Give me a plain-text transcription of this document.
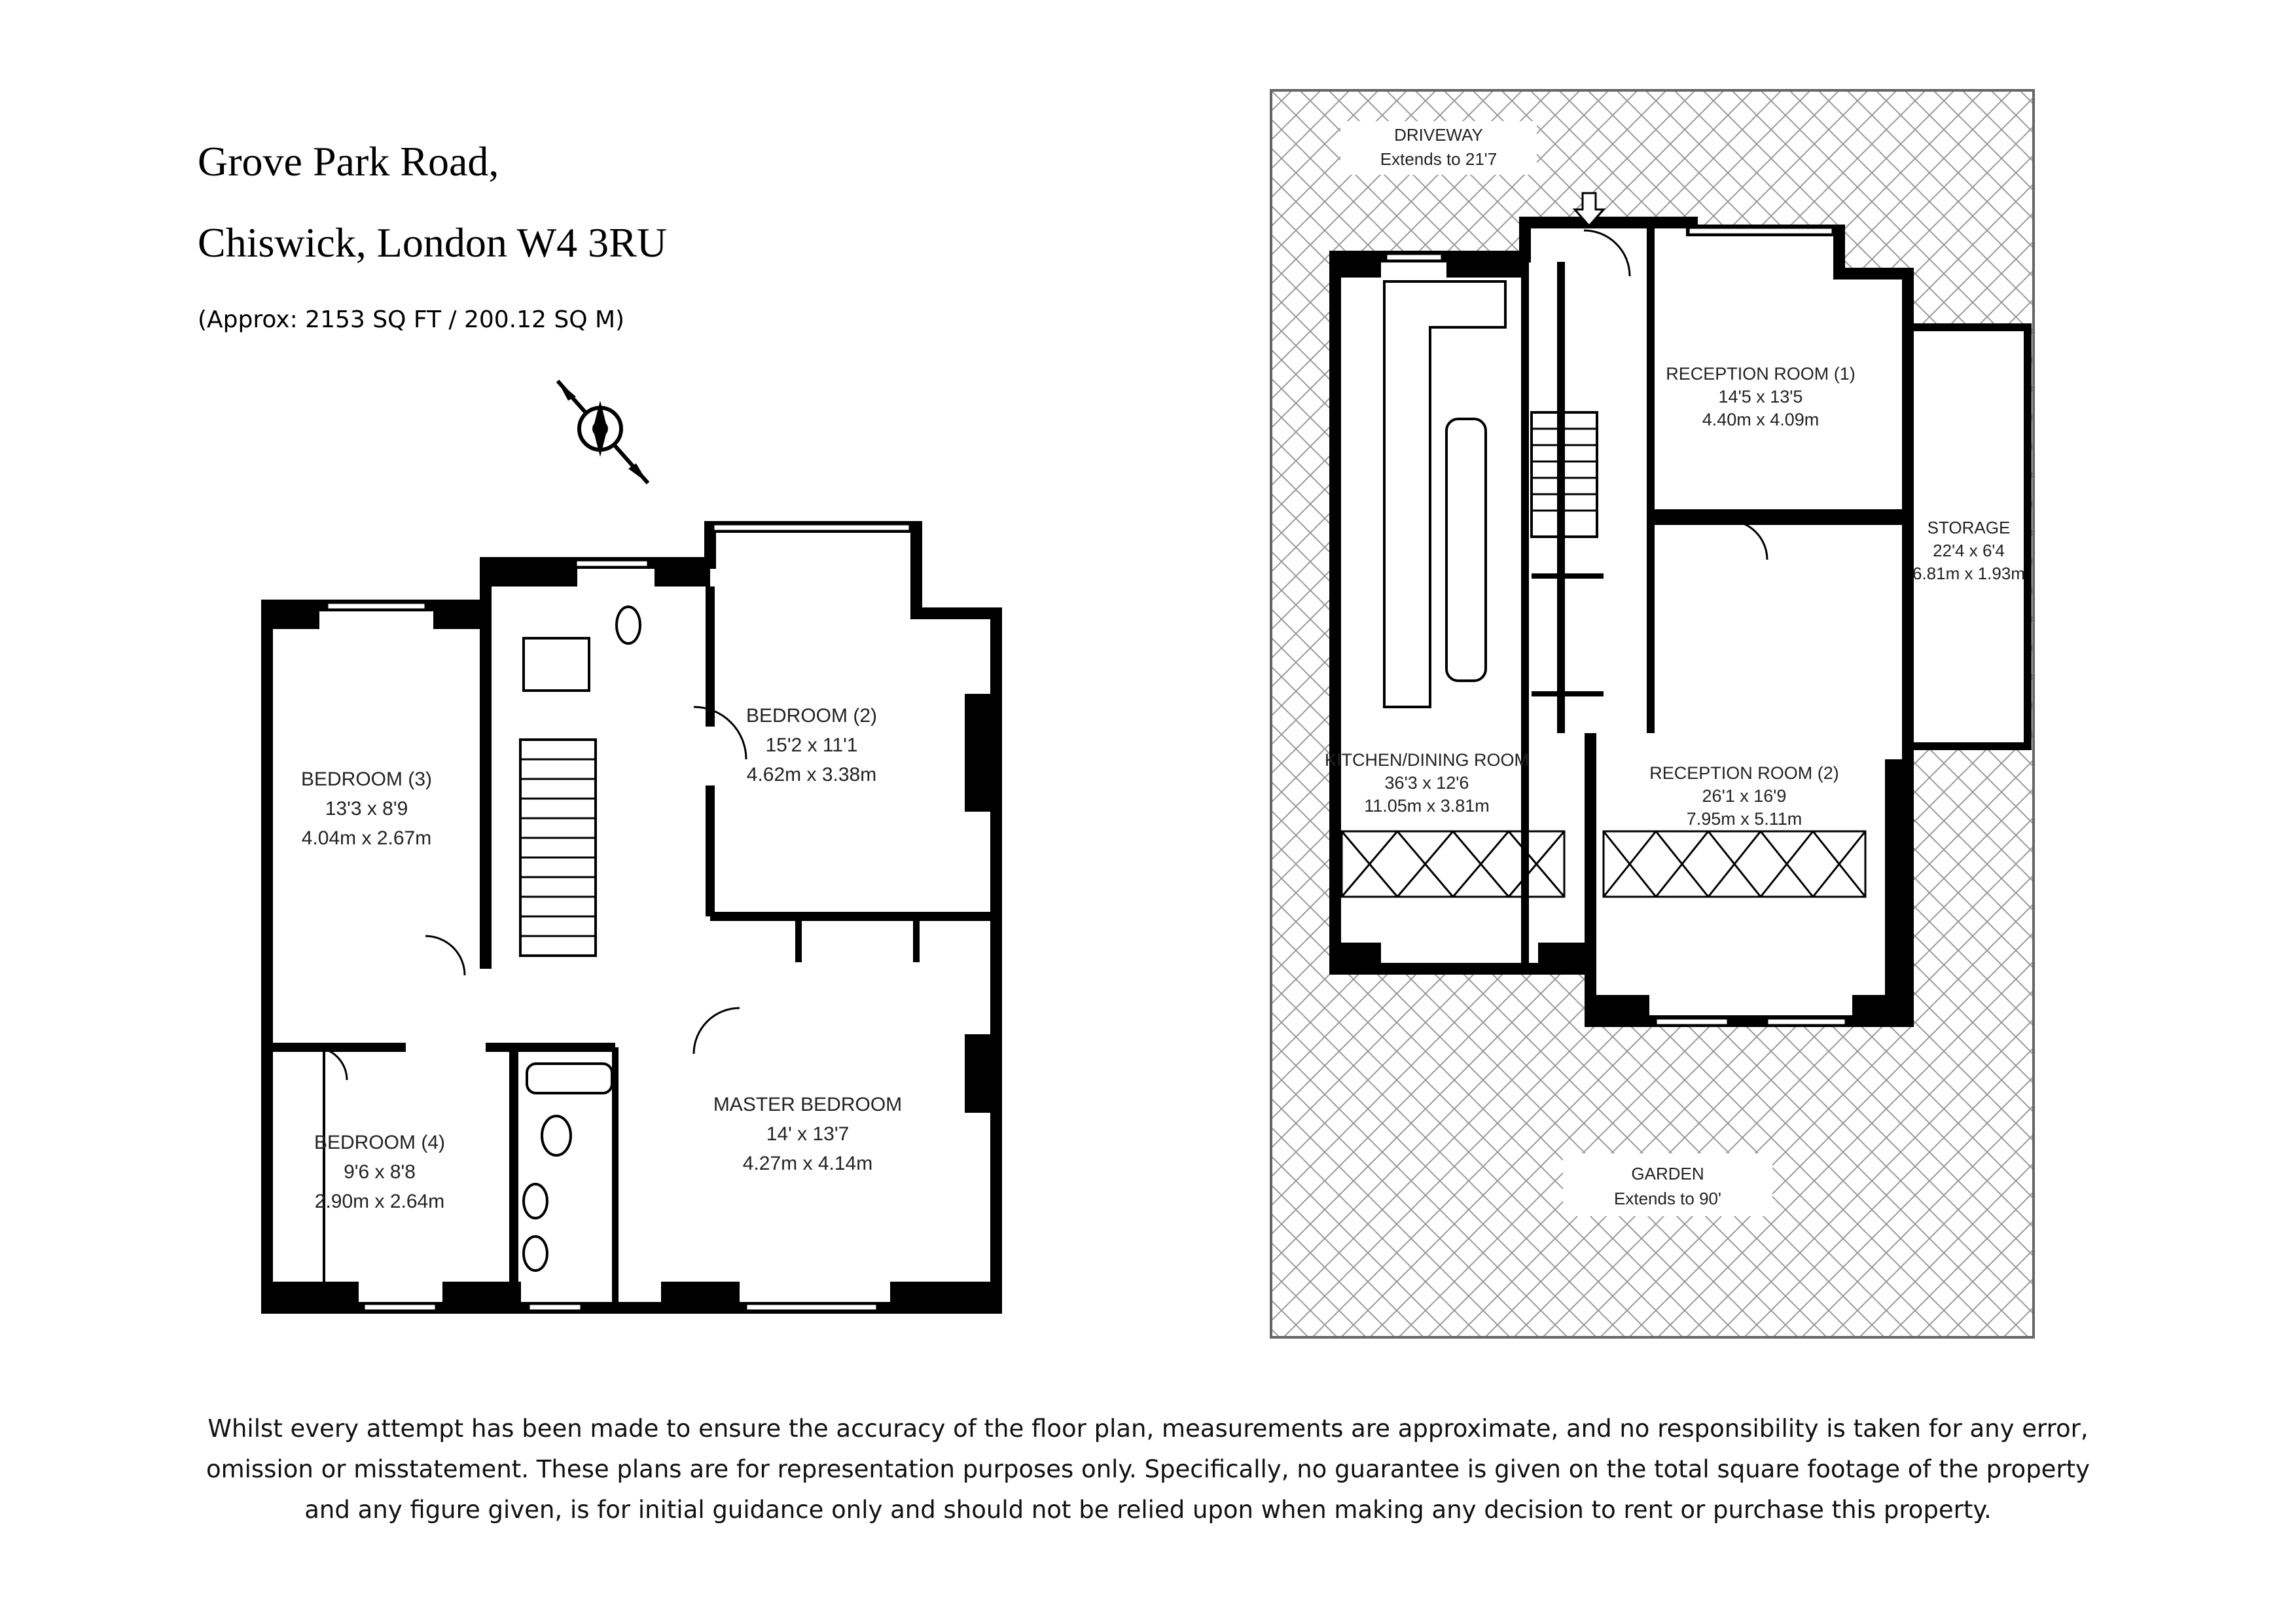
Grove Park Road,
Chiswick, London W4 3RU
(Approx: 2153 SQ FT / 200.12 SQ M)
BEDROOM (3)
13'3 x 8'9
4.04m x 2.67m
BEDROOM (2)
15'2 x 11'1
4.62m x 3.38m
MASTER BEDROOM
14' x 13'7
4.27m x 4.14m
BEDROOM (4)
9'6 x 8'8
2.90m x 2.64m
DRIVEWAY
Extends to 21'7
RECEPTION ROOM (1)
14'5 x 13'5
4.40m x 4.09m
STORAGE
22'4 x 6'4
6.81m x 1.93m
KITCHEN/DINING ROOM
36'3 x 12'6
11.05m x 3.81m
RECEPTION ROOM (2)
26'1 x 16'9
7.95m x 5.11m
GARDEN
Extends to 90'
Whilst every attempt has been made to ensure the accuracy of the floor plan, measurements are approximate, and no responsibility is taken for any error,
omission or misstatement. These plans are for representation purposes only. Specifically, no guarantee is given on the total square footage of the property
and any figure given, is for initial guidance only and should not be relied upon when making any decision to rent or purchase this property.
